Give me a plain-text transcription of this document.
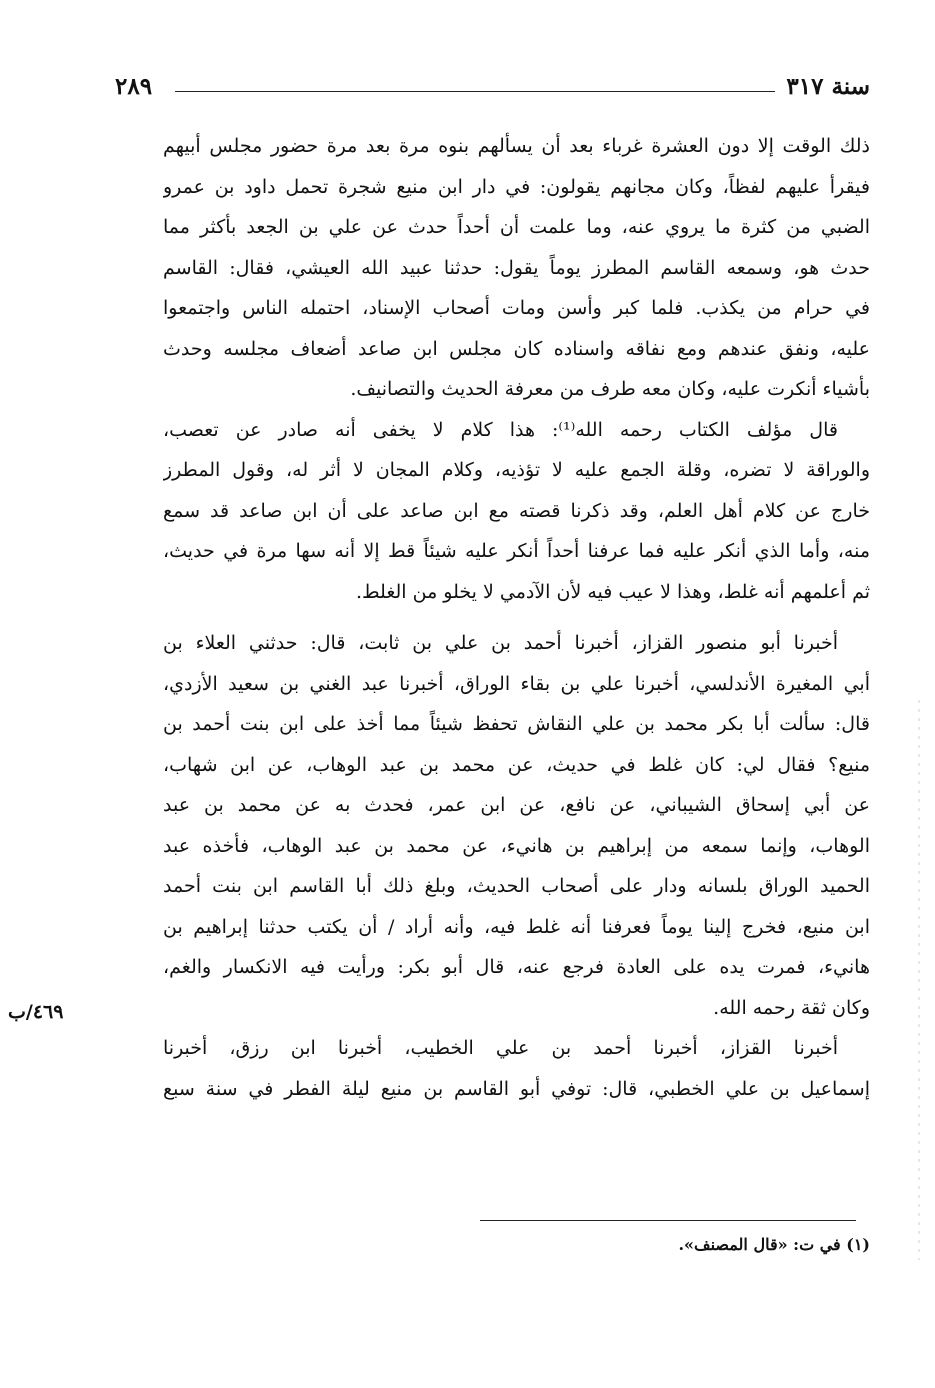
سنة ٣١٧
٢٨٩
ذلك الوقت إلا دون العشرة غرباء بعد أن يسألهم بنوه مرة بعد مرة حضور مجلس أبيهم
فيقرأ عليهم لفظاً، وكان مجانهم يقولون: في دار ابن منيع شجرة تحمل داود بن عمرو
الضبي من كثرة ما يروي عنه، وما علمت أن أحداً حدث عن علي بن الجعد بأكثر مما
حدث هو، وسمعه القاسم المطرز يوماً يقول: حدثنا عبيد الله العيشي، فقال: القاسم
في حرام من يكذب. فلما كبر وأسن ومات أصحاب الإسناد، احتمله الناس واجتمعوا
عليه، ونفق عندهم ومع نفاقه واسناده كان مجلس ابن صاعد أضعاف مجلسه وحدث
بأشياء أنكرت عليه، وكان معه طرف من معرفة الحديث والتصانيف.
قال مؤلف الكتاب رحمه الله⁽¹⁾: هذا كلام لا يخفى أنه صادر عن تعصب،
والوراقة لا تضره، وقلة الجمع عليه لا تؤذيه، وكلام المجان لا أثر له، وقول المطرز
خارج عن كلام أهل العلم، وقد ذكرنا قصته مع ابن صاعد على أن ابن صاعد قد سمع
منه، وأما الذي أنكر عليه فما عرفنا أحداً أنكر عليه شيئاً قط إلا أنه سها مرة في حديث،
ثم أعلمهم أنه غلط، وهذا لا عيب فيه لأن الآدمي لا يخلو من الغلط.
أخبرنا أبو منصور القزاز، أخبرنا أحمد بن علي بن ثابت، قال: حدثني العلاء بن
أبي المغيرة الأندلسي، أخبرنا علي بن بقاء الوراق، أخبرنا عبد الغني بن سعيد الأزدي،
قال: سألت أبا بكر محمد بن علي النقاش تحفظ شيئاً مما أخذ على ابن بنت أحمد بن
منيع؟ فقال لي: كان غلط في حديث، عن محمد بن عبد الوهاب، عن ابن شهاب،
عن أبي إسحاق الشيباني، عن نافع، عن ابن عمر، فحدث به عن محمد بن عبد
الوهاب، وإنما سمعه من إبراهيم بن هانيء، عن محمد بن عبد الوهاب، فأخذه عبد
الحميد الوراق بلسانه ودار على أصحاب الحديث، وبلغ ذلك أبا القاسم ابن بنت أحمد
ابن منيع، فخرج إلينا يوماً فعرفنا أنه غلط فيه، وأنه أراد / أن يكتب حدثنا إبراهيم بن
هانيء، فمرت يده على العادة فرجع عنه، قال أبو بكر: ورأيت فيه الانكسار والغم،
وكان ثقة رحمه الله.
أخبرنا القزاز، أخبرنا أحمد بن علي الخطيب، أخبرنا ابن رزق، أخبرنا
إسماعيل بن علي الخطبي، قال: توفي أبو القاسم بن منيع ليلة الفطر في سنة سبع
٤٦٩/ب
(١) في ت: «قال المصنف».
